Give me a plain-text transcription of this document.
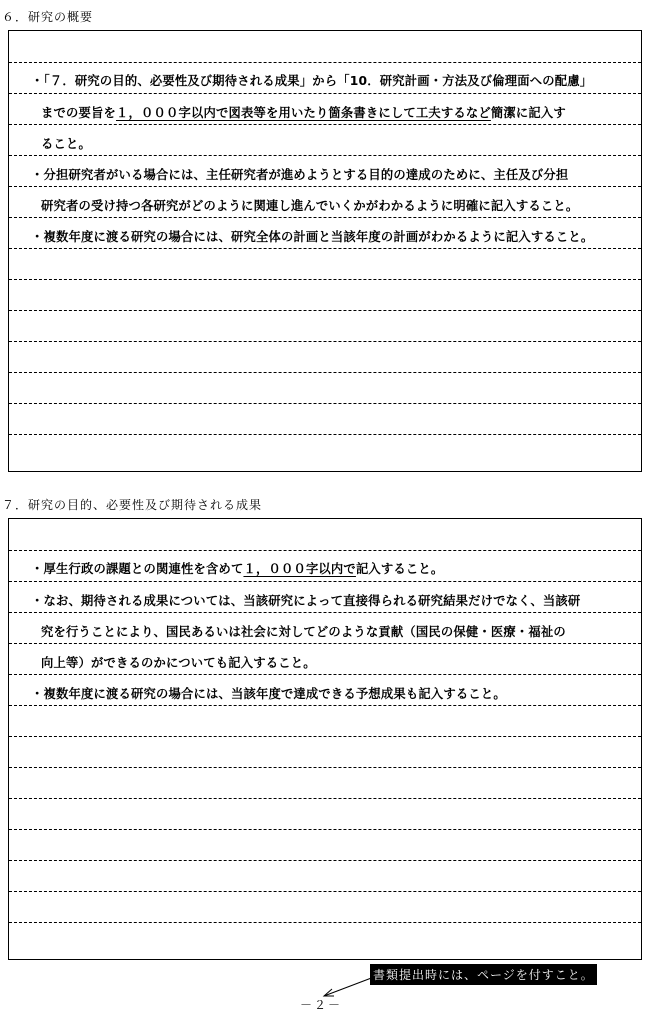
６．研究の概要
・「７．研究の目的、必要性及び期待される成果」から「10．研究計画・方法及び倫理面への配慮」
までの要旨を１，０００字以内で図表等を用いたり箇条書きにして工夫するなど簡潔に記入す
ること。
・分担研究者がいる場合には、主任研究者が進めようとする目的の達成のために、主任及び分担
研究者の受け持つ各研究がどのように関連し進んでいくかがわかるように明確に記入すること。
・複数年度に渡る研究の場合には、研究全体の計画と当該年度の計画がわかるように記入すること。
７．研究の目的、必要性及び期待される成果
・厚生行政の課題との関連性を含めて１，０００字以内で記入すること。
・なお、期待される成果については、当該研究によって直接得られる研究結果だけでなく、当該研
究を行うことにより、国民あるいは社会に対してどのような貢献（国民の保健・医療・福祉の
向上等）ができるのかについても記入すること。
・複数年度に渡る研究の場合には、当該年度で達成できる予想成果も記入すること。
書類提出時には、ページを付すこと。
－２－
